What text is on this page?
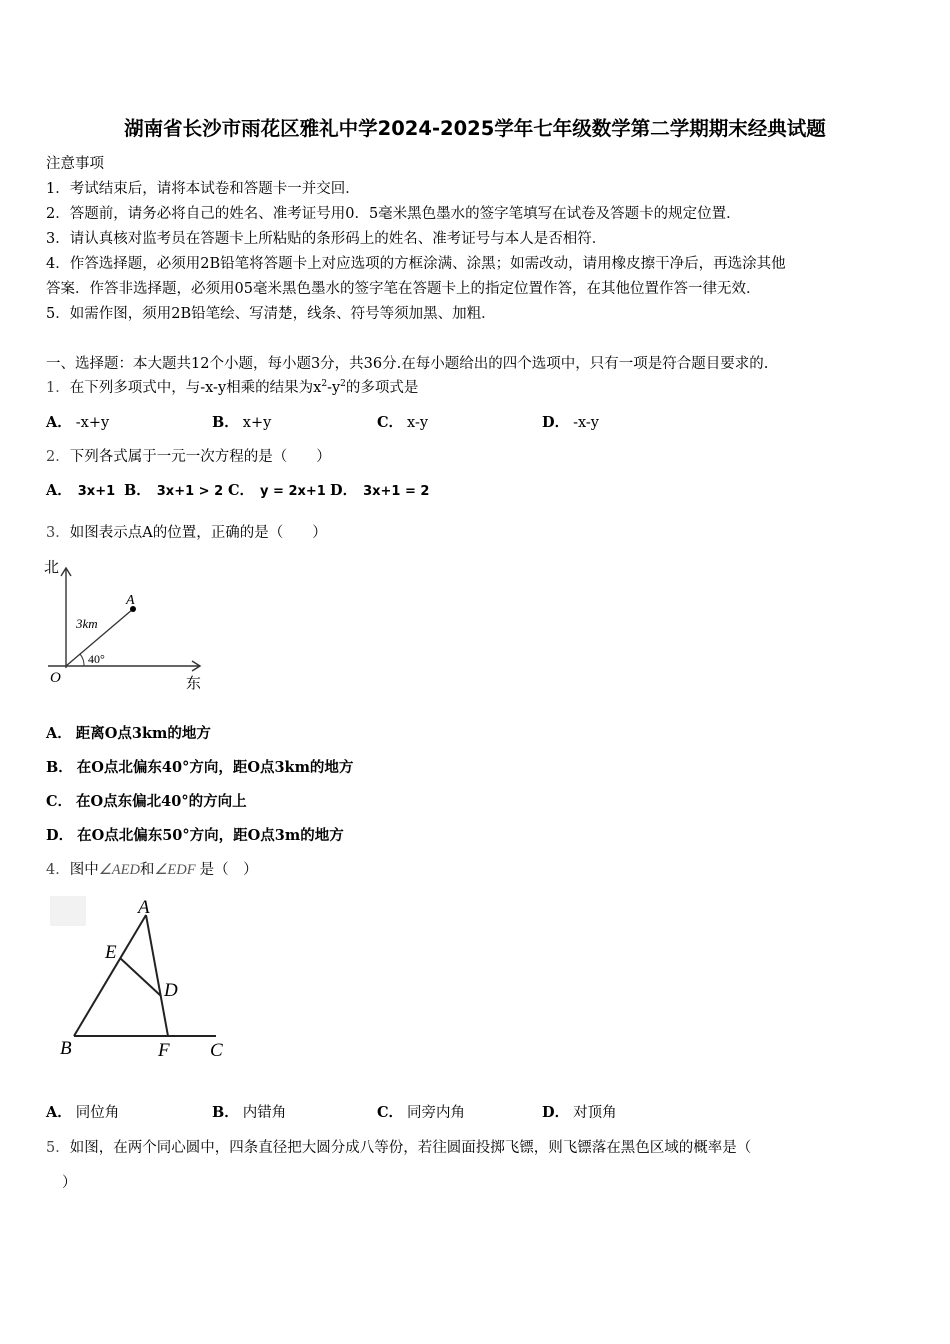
湖南省长沙市雨花区雅礼中学2024-2025学年七年级数学第二学期期末经典试题
注意事项
1．考试结束后，请将本试卷和答题卡一并交回．
2．答题前，请务必将自己的姓名、准考证号用0．5毫米黑色墨水的签字笔填写在试卷及答题卡的规定位置．
3．请认真核对监考员在答题卡上所粘贴的条形码上的姓名、准考证号与本人是否相符．
4．作答选择题，必须用2B铅笔将答题卡上对应选项的方框涂满、涂黑；如需改动，请用橡皮擦干净后，再选涂其他
答案．作答非选择题，必须用05毫米黑色墨水的签字笔在答题卡上的指定位置作答，在其他位置作答一律无效．
5．如需作图，须用2B铅笔绘、写清楚，线条、符号等须加黑、加粗．
一、选择题：本大题共12个小题，每小题3分，共36分.在每小题给出的四个选项中，只有一项是符合题目要求的.
1．在下列多项式中，与-x-y相乘的结果为$x^2-y^2$的多项式是
A． -x+y	B． x+y	C． x-y	D． -x-y
2．下列各式属于一元一次方程的是（　　）
A． 3x+1 B． 3x+1 > 2 C． y = 2x+1 D． 3x+1 = 2
3．如图表示点A的位置，正确的是（　　）
北
东
O
A
3km
40°
A． 距离O点3km的地方
B． 在O点北偏东40°方向，距O点3km的地方
C． 在O点东偏北40°的方向上
D． 在O点北偏东50°方向，距O点3m的地方
4．图中∠AED和∠EDF 是（　）
A
E
D
B	F C
A． 同位角	B． 内错角	C． 同旁内角	D． 对顶角
5．如图，在两个同心圆中，四条直径把大圆分成八等份，若往圆面投掷飞镖，则飞镖落在黑色区域的概率是（
）
